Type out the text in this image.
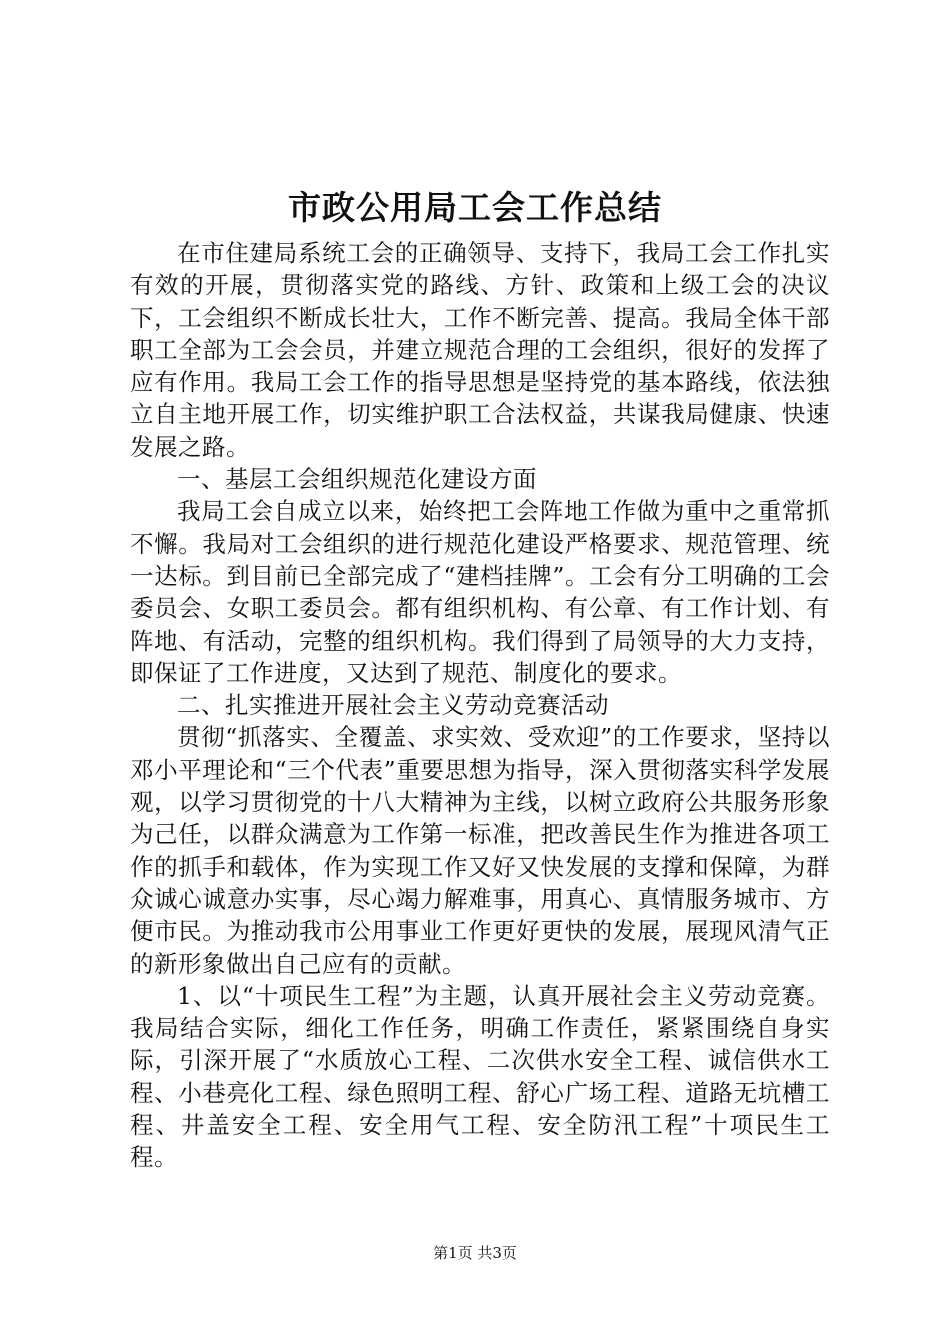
市政公用局工会工作总结

在市住建局系统工会的正确领导、支持下，我局工会工作扎实有效的开展，贯彻落实党的路线、方针、政策和上级工会的决议下，工会组织不断成长壮大，工作不断完善、提高。我局全体干部职工全部为工会会员，并建立规范合理的工会组织，很好的发挥了应有作用。我局工会工作的指导思想是坚持党的基本路线，依法独立自主地开展工作，切实维护职工合法权益，共谋我局健康、快速发展之路。

一、基层工会组织规范化建设方面

我局工会自成立以来，始终把工会阵地工作做为重中之重常抓不懈。我局对工会组织的进行规范化建设严格要求、规范管理、统一达标。到目前已全部完成了“建档挂牌”。工会有分工明确的工会委员会、女职工委员会。都有组织机构、有公章、有工作计划、有阵地、有活动，完整的组织机构。我们得到了局领导的大力支持，即保证了工作进度，又达到了规范、制度化的要求。

二、扎实推进开展社会主义劳动竞赛活动

贯彻“抓落实、全覆盖、求实效、受欢迎”的工作要求，坚持以邓小平理论和“三个代表”重要思想为指导，深入贯彻落实科学发展观，以学习贯彻党的十八大精神为主线，以树立政府公共服务形象为己任，以群众满意为工作第一标准，把改善民生作为推进各项工作的抓手和载体，作为实现工作又好又快发展的支撑和保障，为群众诚心诚意办实事，尽心竭力解难事，用真心、真情服务城市、方便市民。为推动我市公用事业工作更好更快的发展，展现风清气正的新形象做出自己应有的贡献。

1、以“十项民生工程”为主题，认真开展社会主义劳动竞赛。我局结合实际，细化工作任务，明确工作责任，紧紧围绕自身实际，引深开展了“水质放心工程、二次供水安全工程、诚信供水工程、小巷亮化工程、绿色照明工程、舒心广场工程、道路无坑槽工程、井盖安全工程、安全用气工程、安全防汛工程”十项民生工程。

第1页 共3页
